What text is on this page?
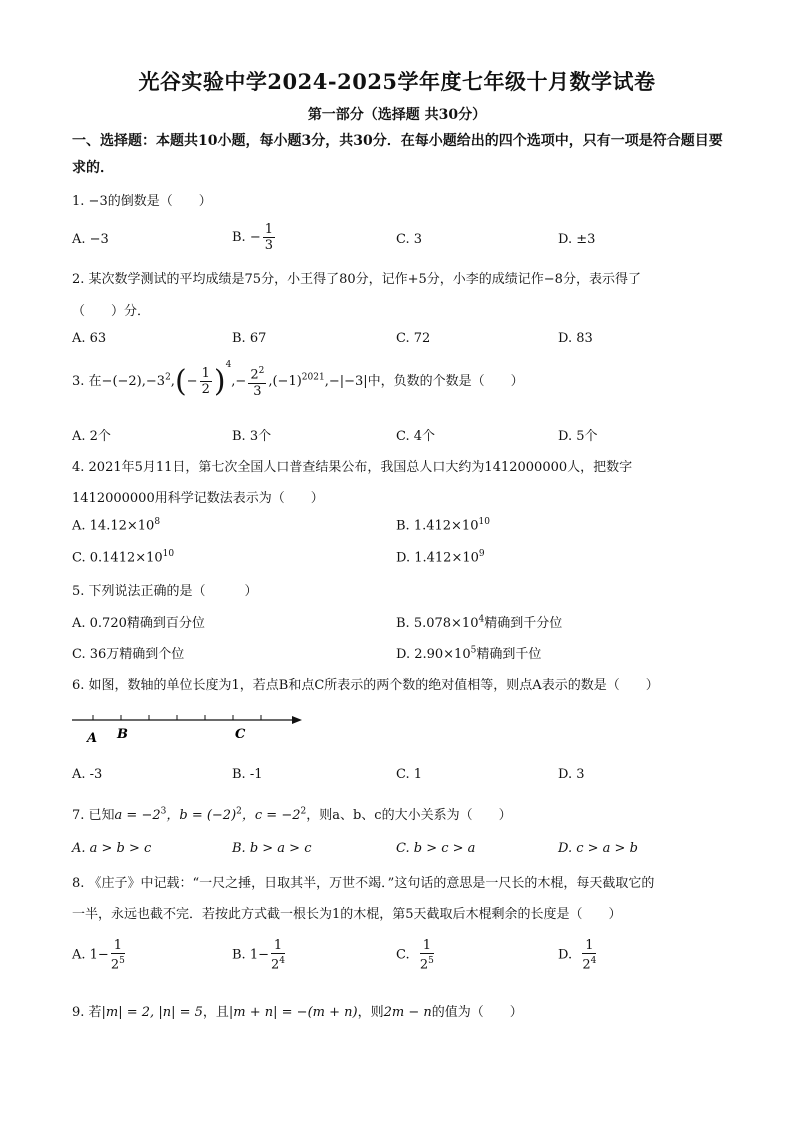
光谷实验中学2024-2025学年度七年级十月数学试卷
第一部分（选择题 共30分）
一、选择题：本题共10小题，每小题3分，共30分．在每小题给出的四个选项中，只有一项是符合题目要求的．
1. −3的倒数是（　　）
A. −3	B. − $\frac{1}{3}$	C. 3	D. ±3
2. 某次数学测试的平均成绩是75分，小王得了80分，记作+5分，小李的成绩记作−8分，表示得了
（　　）分．
A. 63	B. 67	C. 72	D. 83
3. 在$-(-2),-3^2,(- \frac{1}{2} )^4,- \frac{2^2}{3} ,(-1)^{2021},-|-3|$中，负数的个数是（　　）
A. 2个	B. 3个	C. 4个	D. 5个
4. 2021年5月11日，第七次全国人口普查结果公布，我国总人口大约为1412000000人，把数字
1412000000用科学记数法表示为（　　）
A. $14.12\times 10^8$	B. $1.412\times 10^{10}$
C. $0.1412\times 10^{10}$	D. $1.412\times 10^9$
5. 下列说法正确的是（　　　）
A. 0.720精确到百分位	B. $5.078\times 10^4$精确到千分位
C. 36万精确到个位	D. $2.90\times 10^5$精确到千位
6. 如图，数轴的单位长度为1，若点B和点C所表示的两个数的绝对值相等，则点A表示的数是（　　）
A B	C
A. -3	B. -1	C. 1	D. 3
7. 已知$a = -2^3$，$b = (-2)^2$，$c = -2^2$，则a、b、c的大小关系为（　　）
A. a > b > c	B. b > a > c	C. b > c > a	D. c > a > b
8. 《庄子》中记载：“一尺之捶，日取其半，万世不竭．”这句话的意思是一尺长的木棍，每天截取它的
一半，永远也截不完．若按此方式截一根长为1的木棍，第5天截取后木棍剩余的长度是（　　）
A. $1- \frac{1}{2^5}$	B. $1- \frac{1}{2^4}$	C. $\frac{1}{2^5}$	D. $\frac{1}{2^4}$
9. 若|m| = 2, |n| = 5，且|m + n| = −(m + n)，则2m − n的值为（　　）
